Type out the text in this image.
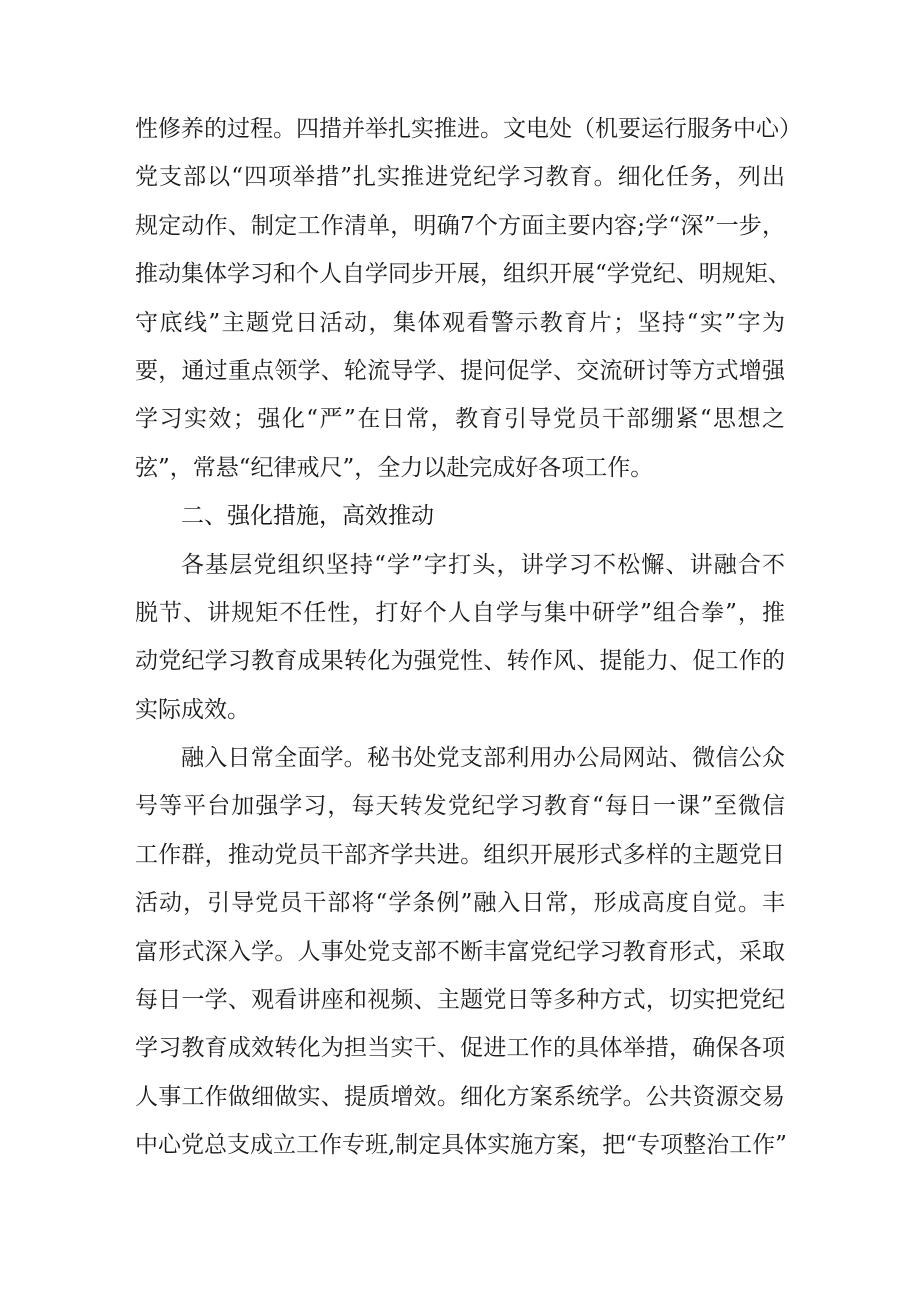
性修养的过程。四措并举扎实推进。文电处（机要运行服务中心）
党支部以“四项举措”扎实推进党纪学习教育。细化任务，列出
规定动作、制定工作清单，明确7个方面主要内容;学“深”一步，
推动集体学习和个人自学同步开展，组织开展“学党纪、明规矩、
守底线”主题党日活动，集体观看警示教育片；坚持“实”字为
要，通过重点领学、轮流导学、提问促学、交流研讨等方式增强
学习实效；强化“严”在日常，教育引导党员干部绷紧“思想之
弦”，常悬“纪律戒尺”，全力以赴完成好各项工作。
二、强化措施，高效推动
各基层党组织坚持“学”字打头，讲学习不松懈、讲融合不
脱节、讲规矩不任性，打好个人自学与集中研学”组合拳”，推
动党纪学习教育成果转化为强党性、转作风、提能力、促工作的
实际成效。
融入日常全面学。秘书处党支部利用办公局网站、微信公众
号等平台加强学习，每天转发党纪学习教育“每日一课”至微信
工作群，推动党员干部齐学共进。组织开展形式多样的主题党日
活动，引导党员干部将“学条例”融入日常，形成高度自觉。丰
富形式深入学。人事处党支部不断丰富党纪学习教育形式，采取
每日一学、观看讲座和视频、主题党日等多种方式，切实把党纪
学习教育成效转化为担当实干、促进工作的具体举措，确保各项
人事工作做细做实、提质增效。细化方案系统学。公共资源交易
中心党总支成立工作专班,制定具体实施方案，把“专项整治工作”
